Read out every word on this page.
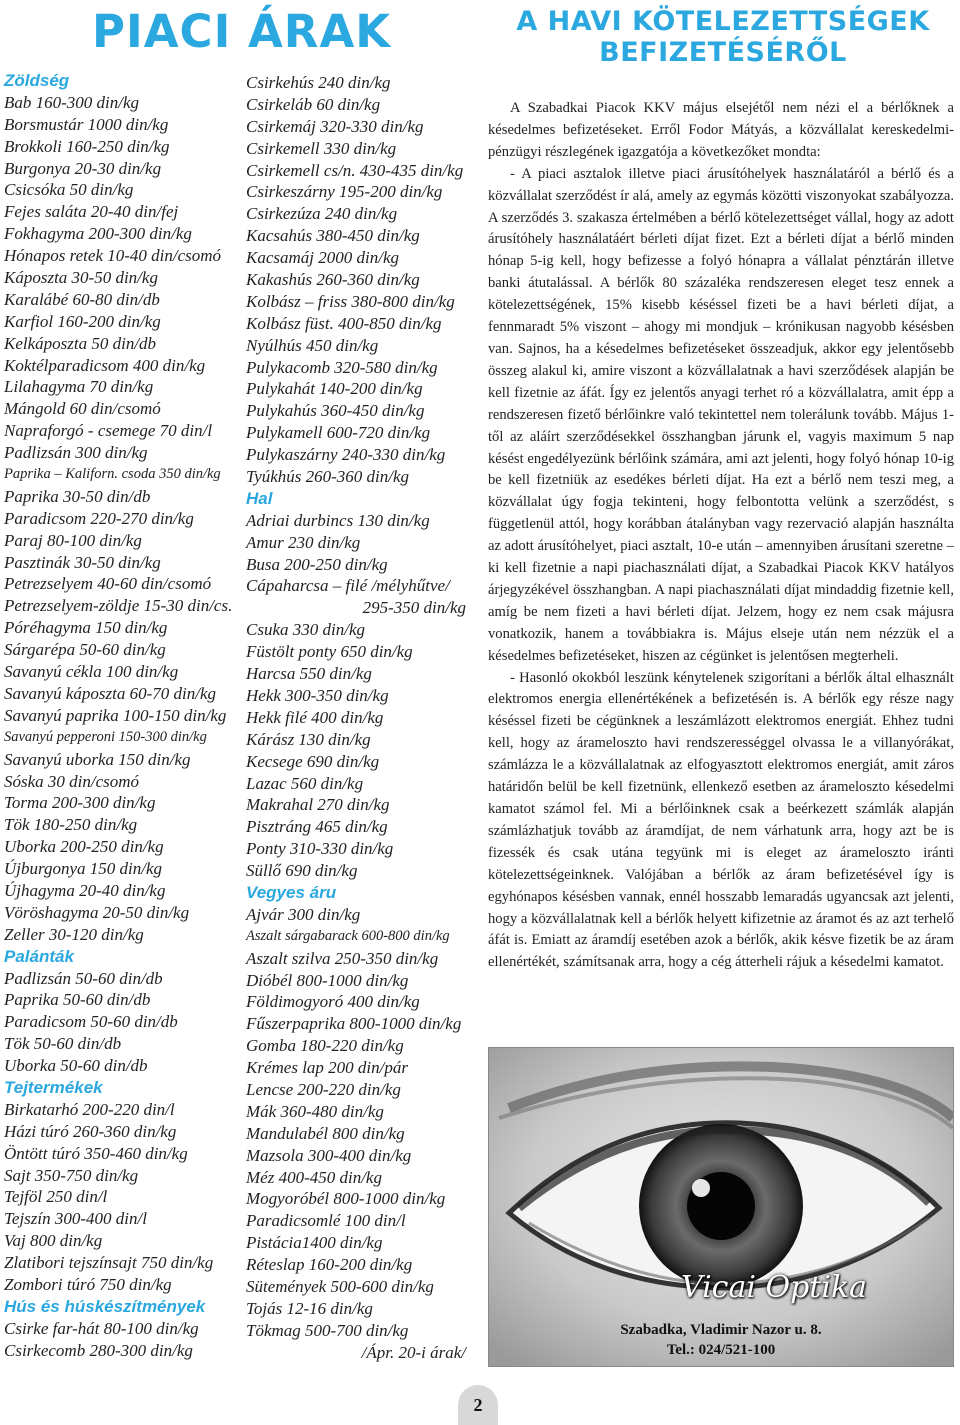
PIACI ÁRAK
Zöldség
Bab 160-300 din/kg
Borsmustár 1000 din/kg
Brokkoli 160-250 din/kg
Burgonya 20-30 din/kg
Csicsóka 50 din/kg
Fejes saláta 20-40 din/fej
Fokhagyma 200-300 din/kg
Hónapos retek 10-40 din/csomó
Káposzta 30-50 din/kg
Karalábé 60-80 din/db
Karfiol 160-200 din/kg
Kelkáposzta 50 din/db
Koktélparadicsom 400 din/kg
Lilahagyma 70 din/kg
Mángold 60 din/csomó
Napraforgó - csemege 70 din/l
Padlizsán 300 din/kg
Paprika – Kaliforn. csoda 350 din/kg
Paprika 30-50 din/db
Paradicsom 220-270 din/kg
Paraj 80-100 din/kg
Pasztinák 30-50 din/kg
Petrezselyem 40-60 din/csomó
Petrezselyem-zöldje 15-30 din/cs.
Póréhagyma 150 din/kg
Sárgarépa 50-60 din/kg
Savanyú cékla 100 din/kg
Savanyú káposzta 60-70 din/kg
Savanyú paprika 100-150 din/kg
Savanyú pepperoni 150-300 din/kg
Savanyú uborka 150 din/kg
Sóska 30 din/csomó
Torma 200-300 din/kg
Tök 180-250 din/kg
Uborka 200-250 din/kg
Újburgonya 150 din/kg
Újhagyma 20-40 din/kg
Vöröshagyma 20-50 din/kg
Zeller 30-120 din/kg
Palánták
Padlizsán 50-60 din/db
Paprika 50-60 din/db
Paradicsom 50-60 din/db
Tök 50-60 din/db
Uborka 50-60 din/db
Tejtermékek
Birkatarhó 200-220 din/l
Házi túró 260-360 din/kg
Öntött túró 350-460 din/kg
Sajt 350-750 din/kg
Tejföl 250 din/l
Tejszín 300-400 din/l
Vaj 800 din/kg
Zlatibori tejszínsajt 750 din/kg
Zombori túró 750 din/kg
Hús és húskészítmények
Csirke far-hát 80-100 din/kg
Csirkecomb 280-300 din/kg
Csirkehús 240 din/kg
Csirkeláb 60 din/kg
Csirkemáj 320-330 din/kg
Csirkemell 330 din/kg
Csirkemell cs/n. 430-435 din/kg
Csirkeszárny 195-200 din/kg
Csirkezúza 240 din/kg
Kacsahús 380-450 din/kg
Kacsamáj 2000 din/kg
Kakashús 260-360 din/kg
Kolbász – friss 380-800 din/kg
Kolbász füst. 400-850 din/kg
Nyúlhús 450 din/kg
Pulykacomb 320-580 din/kg
Pulykahát 140-200 din/kg
Pulykahús 360-450 din/kg
Pulykamell 600-720 din/kg
Pulykaszárny 240-330 din/kg
Tyúkhús 260-360 din/kg
Hal
Adriai durbincs 130 din/kg
Amur 230 din/kg
Busa 200-250 din/kg
Cápaharcsa – filé /mélyhűtve/
295-350 din/kg
Csuka 330 din/kg
Füstölt ponty 650 din/kg
Harcsa 550 din/kg
Hekk 300-350 din/kg
Hekk filé 400 din/kg
Kárász 130 din/kg
Kecsege 690 din/kg
Lazac 560 din/kg
Makrahal 270 din/kg
Pisztráng 465 din/kg
Ponty 310-330 din/kg
Süllő 690 din/kg
Vegyes áru
Ajvár 300 din/kg
Aszalt sárgabarack 600-800 din/kg
Aszalt szilva 250-350 din/kg
Dióbél 800-1000 din/kg
Földimogyoró 400 din/kg
Fűszerpaprika 800-1000 din/kg
Gomba 180-220 din/kg
Krémes lap 200 din/pár
Lencse 200-220 din/kg
Mák 360-480 din/kg
Mandulabél 800 din/kg
Mazsola 300-400 din/kg
Méz 400-450 din/kg
Mogyoróbél 800-1000 din/kg
Paradicsomlé 100 din/l
Pistácia1400 din/kg
Réteslap 160-200 din/kg
Sütemények 500-600 din/kg
Tojás 12-16 din/kg
Tökmag 500-700 din/kg
/Ápr. 20-i árak/
A HAVI KÖTELEZETTSÉGEK BEFIZETÉSÉRŐL

A Szabadkai Piacok KKV május elsejétől nem nézi el a bérlőknek a késedelmes befizetéseket. Erről Fodor Mátyás, a közvállalat kereskedelmi-pénzügyi részlegének igazgatója a következőket mondta:

- A piaci asztalok illetve piaci árusítóhelyek használatáról a bérlő és a közvállalat szerződést ír alá, amely az egymás közötti viszonyokat szabályozza. A szerződés 3. szakasza értelmében a bérlő kötelezettséget vállal, hogy az adott árusítóhely használatáért bérleti díjat fizet. Ezt a bérleti díjat a bérlő minden hónap 5-ig kell, hogy befizesse a folyó hónapra a vállalat pénztárán illetve banki átutalással. A bérlők 80 százaléka rendszeresen eleget tesz ennek a kötelezettségének, 15% kisebb késéssel fizeti be a havi bérleti díjat, a fennmaradt 5% viszont – ahogy mi mondjuk – krónikusan nagyobb késésben van. Sajnos, ha a késedelmes befizetéseket összeadjuk, akkor egy jelentősebb összeg alakul ki, amire viszont a közvállalatnak a havi szerződések alapján be kell fizetnie az áfát. Így ez jelentős anyagi terhet ró a közvállalatra, amit épp a rendszeresen fizető bérlőinkre való tekintettel nem tolerálunk tovább. Május 1-től az aláírt szerződésekkel összhangban járunk el, vagyis maximum 5 nap késést engedélyezünk bérlőink számára, ami azt jelenti, hogy folyó hónap 10-ig be kell fizetniük az esedékes bérleti díjat. Ha ezt a bérlő nem teszi meg, a közvállalat úgy fogja tekinteni, hogy felbontotta velünk a szerződést, s függetlenül attól, hogy korábban átalányban vagy rezervació alapján használta az adott árusítóhelyet, piaci asztalt, 10-e után – amennyiben árusítani szeretne – ki kell fizetnie a napi piachasználati díjat, a Szabadkai Piacok KKV hatályos árjegyzékével összhangban. A napi piachasználati díjat mindaddig fizetnie kell, amíg be nem fizeti a havi bérleti díjat. Jelzem, hogy ez nem csak májusra vonatkozik, hanem a továbbiakra is. Május elseje után nem nézzük el a késedelmes befizetéseket, hiszen az cégünket is jelentősen megterheli.

- Hasonló okokból leszünk kénytelenek szigorítani a bérlők által elhasznált elektromos energia ellenértékének a befizetésén is. A bérlők egy része nagy késéssel fizeti be cégünknek a leszámlázott elektromos energiát. Ehhez tudni kell, hogy az árameloszto havi rendszerességgel olvassa le a villanyórákat, számlázza le a közvállalatnak az elfogyasztott elektromos energiát, amit záros határidőn belül be kell fizetnünk, ellenkező esetben az árameloszto késedelmi kamatot számol fel. Mi a bérlőinknek csak a beérkezett számlák alapján számlázhatjuk tovább az áramdíjat, de nem várhatunk arra, hogy azt be is fizessék és csak utána tegyünk mi is eleget az árameloszto iránti kötelezettségeinknek. Valójában a bérlők az áram befizetésével így is egyhónapos késésben vannak, ennél hosszabb lemaradás ugyancsak azt jelenti, hogy a közvállalatnak kell a bérlők helyett kifizetnie az áramot és az azt terhelő áfát is. Emiatt az áramdíj esetében azok a bérlők, akik késve fizetik be az áram ellenértékét, számítsanak arra, hogy a cég átterheli rájuk a késedelmi kamatot.

Vicai Optika
Szabadka, Vladimir Nazor u. 8.
Tel.: 024/521-100
2
